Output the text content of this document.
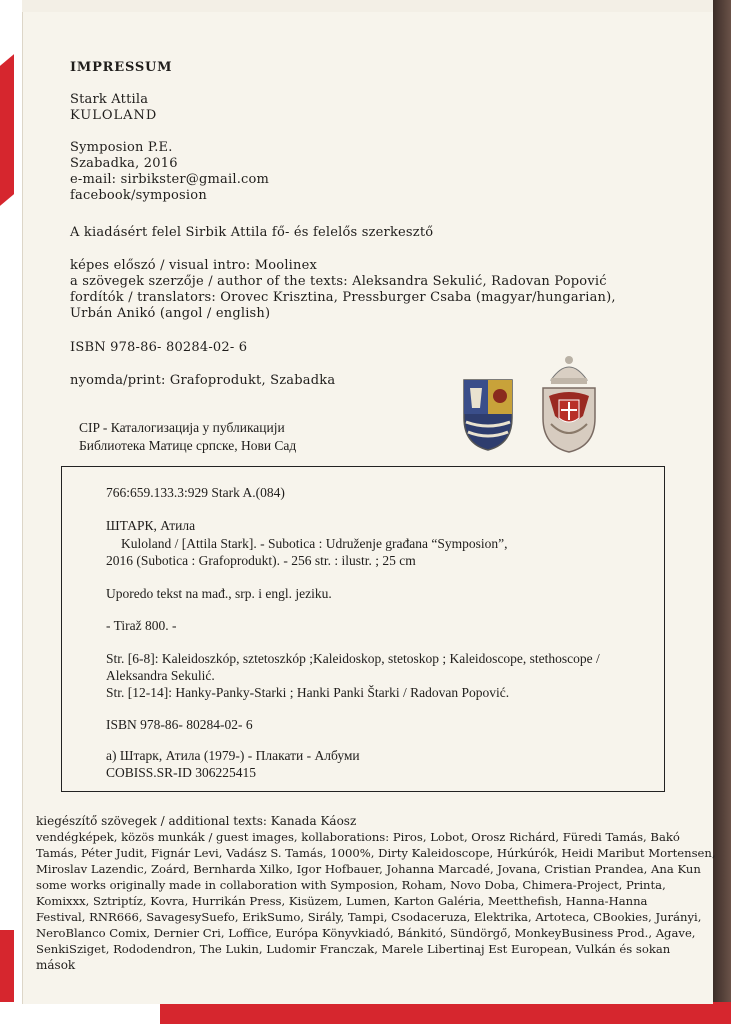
IMPRESSUM
Stark Attila
KULOLAND
Symposion P.E.
Szabadka, 2016
e-mail: sirbikster@gmail.com
facebook/symposion
A kiadásért felel Sirbik Attila fő- és felelős szerkesztő
képes előszó / visual intro: Moolinex
a szövegek szerzője / author of the texts: Aleksandra Sekulić, Radovan Popović
fordítók / translators: Orovec Krisztina, Pressburger Csaba (magyar/hungarian),
Urbán Anikó (angol / english)
ISBN 978-86- 80284-02- 6
nyomda/print: Grafoprodukt, Szabadka
CIP - Каталогизација у публикацији
Библиотека Матице српске, Нови Сад
766:659.133.3:929 Stark A.(084)
ШТАРК, Атила
Kuloland / [Attila Stark]. - Subotica : Udruženje građana “Symposion”,
2016 (Subotica : Grafoprodukt). - 256 str. : ilustr. ; 25 cm
Uporedo tekst na mađ., srp. i engl. jeziku.
- Tiraž 800. -
Str. [6-8]: Kaleidoszkóp, sztetoszkóp ;Kaleidoskop, stetoskop ; Kaleidoscope, stethoscope /
Aleksandra Sekulić.
Str. [12-14]: Hanky-Panky-Starki ; Hanki Panki Štarki / Radovan Popović.
ISBN 978-86- 80284-02- 6
а) Штарк, Атила (1979-) - Плакати - Албуми
COBISS.SR-ID 306225415
kiegészítő szövegek / additional texts: Kanada Káosz
vendégképek, közös munkák / guest images, kollaborations: Piros, Lobot, Orosz Richárd, Füredi Tamás, Bakó
Tamás, Péter Judit, Fignár Levi, Vadász S. Tamás, 1000%, Dirty Kaleidoscope, Húrkúrók, Heidi Maribut Mortensen,
Miroslav Lazendic, Zoárd, Bernharda Xilko, Igor Hofbauer, Johanna Marcadé, Jovana, Cristian Prandea, Ana Kun
some works originally made in collaboration with Symposion, Roham, Novo Doba, Chimera-Project, Printa,
Komixxx, Sztriptíz, Kovra, Hurrikán Press, Kisüzem, Lumen, Karton Galéria, Meetthefish, Hanna-Hanna
Festival, RNR666, SavagesySuefo, ErikSumo, Sirály, Tampi, Csodaceruza, Elektrika, Artoteca, CBookies, Jurányi,
NeroBlanco Comix, Dernier Cri, Loffice, Európa Könyvkiadó, Bánkitó, Sündörgő, MonkeyBusiness Prod., Agave,
SenkiSziget, Rododendron, The Lukin, Ludomir Franczak, Marele Libertinaj Est European, Vulkán és sokan
mások
